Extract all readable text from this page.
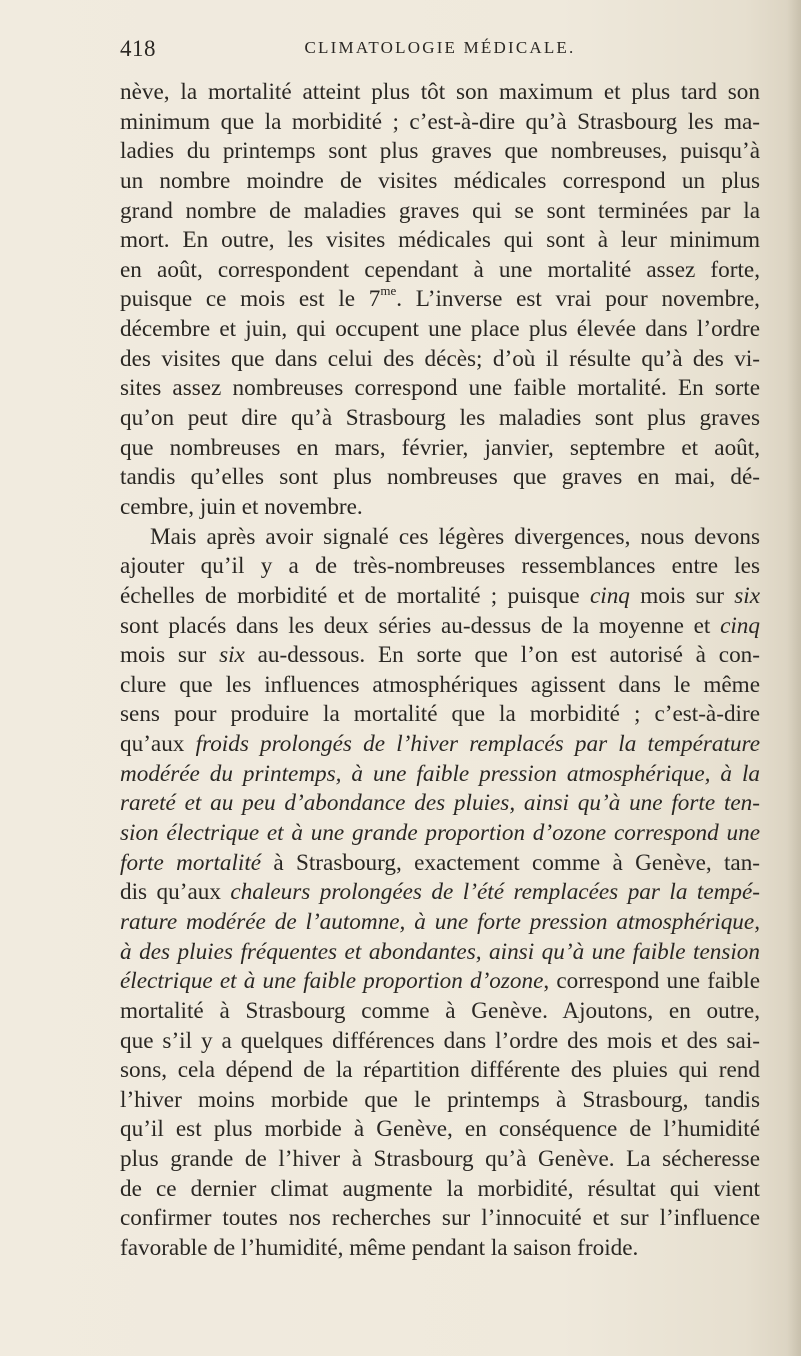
418	CLIMATOLOGIE MÉDICALE.
nève, la mortalité atteint plus tôt son maximum et plus tard son
minimum que la morbidité ; c’est-à-dire qu’à Strasbourg les ma-
ladies du printemps sont plus graves que nombreuses, puisqu’à
un nombre moindre de visites médicales correspond un plus
grand nombre de maladies graves qui se sont terminées par la
mort. En outre, les visites médicales qui sont à leur minimum
en août, correspondent cependant à une mortalité assez forte,
puisque ce mois est le $7^{me}$. L’inverse est vrai pour novembre,
décembre et juin, qui occupent une place plus élevée dans l’ordre
des visites que dans celui des décès; d’où il résulte qu’à des vi-
sites assez nombreuses correspond une faible mortalité. En sorte
qu’on peut dire qu’à Strasbourg les maladies sont plus graves
que nombreuses en mars, février, janvier, septembre et août,
tandis qu’elles sont plus nombreuses que graves en mai, dé-
cembre, juin et novembre.
Mais après avoir signalé ces légères divergences, nous devons
ajouter qu’il y a de très-nombreuses ressemblances entre les
échelles de morbidité et de mortalité ; puisque cinq mois sur six
sont placés dans les deux séries au-dessus de la moyenne et cinq
mois sur six au-dessous. En sorte que l’on est autorisé à con-
clure que les influences atmosphériques agissent dans le même
sens pour produire la mortalité que la morbidité ; c’est-à-dire
qu’aux froids prolongés de l’hiver remplacés par la température
modérée du printemps, à une faible pression atmosphérique, à la
rareté et au peu d’abondance des pluies, ainsi qu’à une forte ten-
sion électrique et à une grande proportion d’ozone correspond une
forte mortalité à Strasbourg, exactement comme à Genève, tan-
dis qu’aux chaleurs prolongées de l’été remplacées par la tempé-
rature modérée de l’automne, à une forte pression atmosphérique,
à des pluies fréquentes et abondantes, ainsi qu’à une faible tension
électrique et à une faible proportion d’ozone, correspond une faible
mortalité à Strasbourg comme à Genève. Ajoutons, en outre,
que s’il y a quelques différences dans l’ordre des mois et des sai-
sons, cela dépend de la répartition différente des pluies qui rend
l’hiver moins morbide que le printemps à Strasbourg, tandis
qu’il est plus morbide à Genève, en conséquence de l’humidité
plus grande de l’hiver à Strasbourg qu’à Genève. La sécheresse
de ce dernier climat augmente la morbidité, résultat qui vient
confirmer toutes nos recherches sur l’innocuité et sur l’influence
favorable de l’humidité, même pendant la saison froide.
